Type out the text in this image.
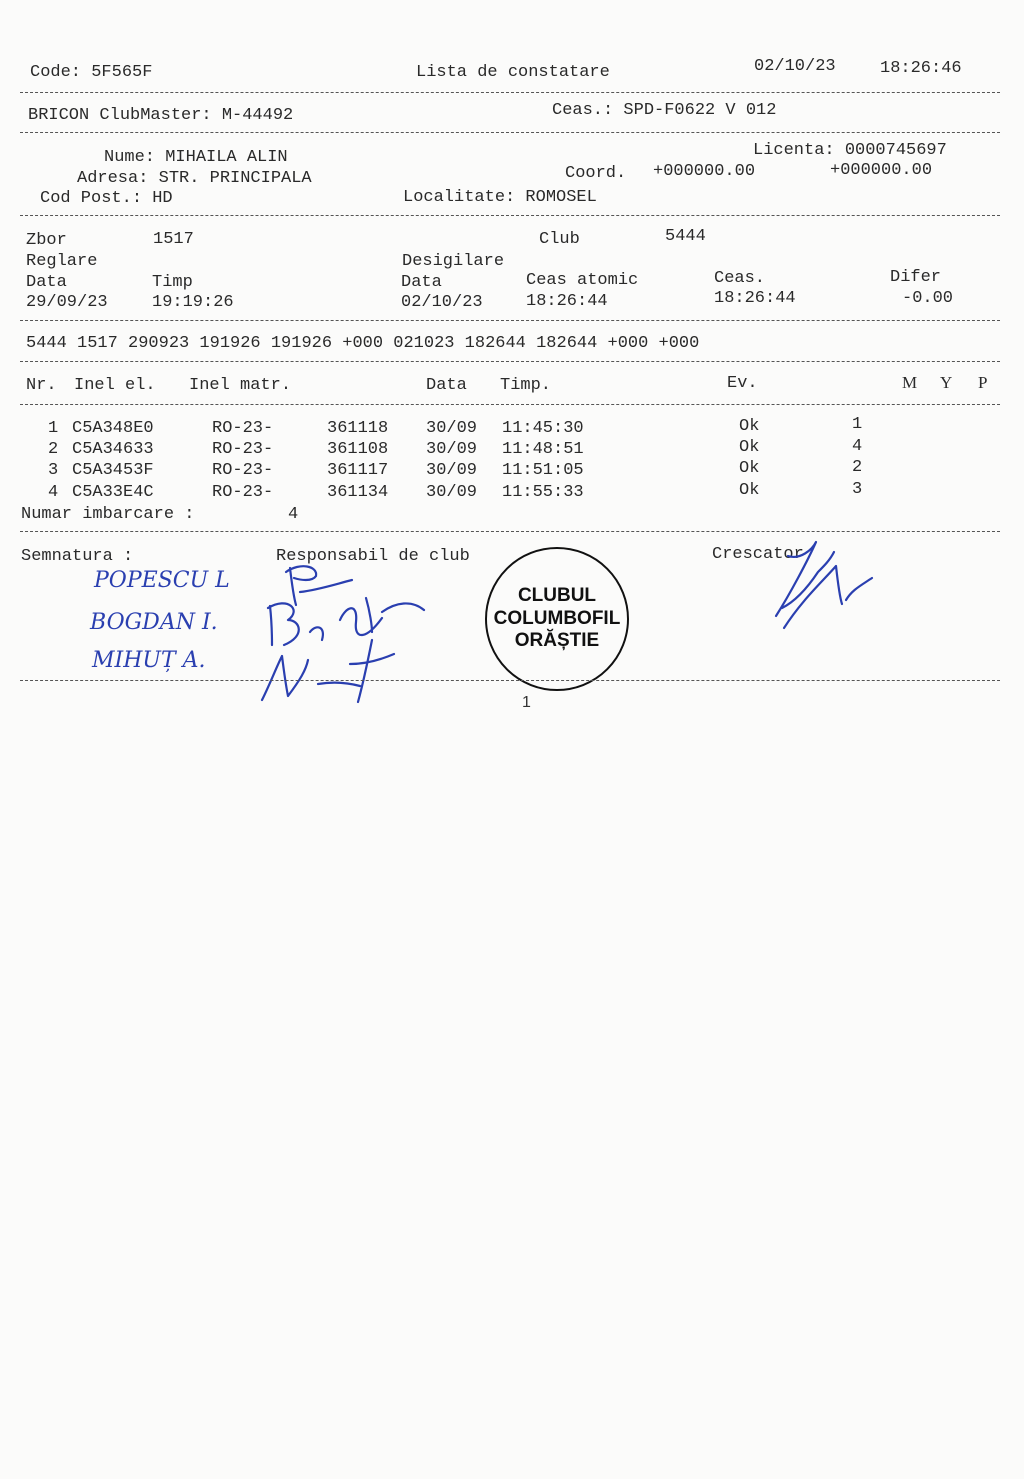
Code: 5F565F	Lista de constatare	02/10/23	18:26:46
BRICON ClubMaster: M-44492	Ceas.: SPD-F0622 V 012
Licenta: 0000745697
Nume: MIHAILA ALIN
Adresa: STR. PRINCIPALA	Coord. +000000.00	+000000.00
Cod Post.: HD	Localitate: ROMOSEL
Zbor	1517	Club	5444
Reglare	Desigilare
Data	Timp	Data	Ceas atomic	Ceas.	Difer
29/09/23	19:19:26	02/10/23	18:26:44	18:26:44	-0.00
5444 1517 290923 191926 191926 +000 021023 182644 182644 +000 +000
Nr. Inel el. Inel matr.	Data Timp.	Ev.	M Y P
1 C5A348E0	RO-23-	361118 30/09 11:45:30	Ok	1
2 C5A34633	RO-23-	361108 30/09 11:48:51	Ok	4
3 C5A3453F	RO-23-	361117 30/09 11:51:05	Ok	2
4 C5A33E4C	RO-23-	361134 30/09 11:55:33	Ok	3
Numar imbarcare :	4
Semnatura :	Responsabil de club	Crescator
POPESCU L
BOGDAN I.
MIHUȚ A.
CLUBUL
COLUMBOFIL
ORĂȘTIE
1
